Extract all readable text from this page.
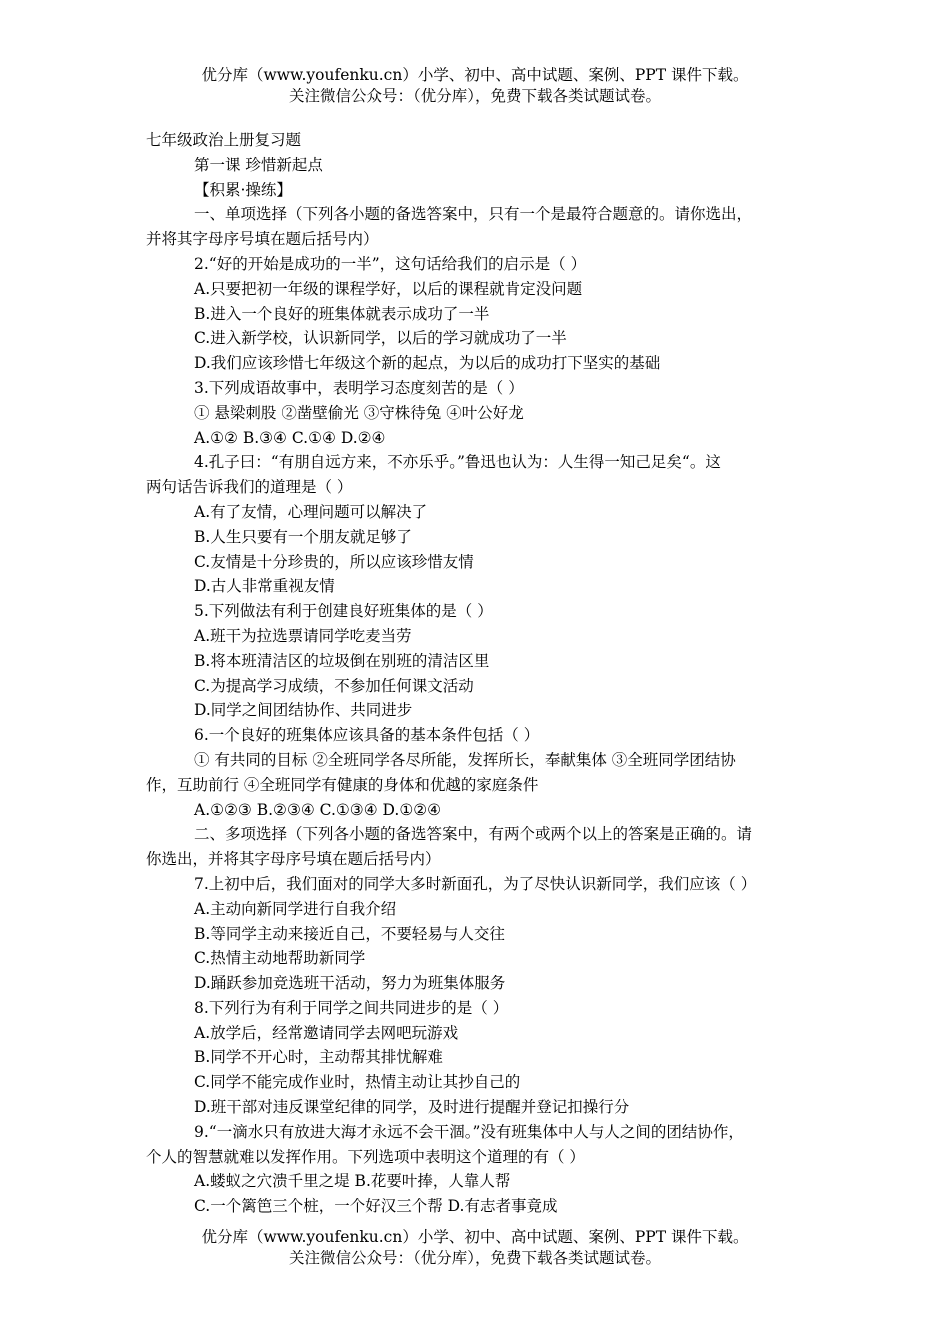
优分库（www.youfenku.cn）小学、初中、高中试题、案例、PPT 课件下载。
关注微信公众号：（优分库），免费下载各类试题试卷。
七年级政治上册复习题
第一课 珍惜新起点
【积累·操练】
一、单项选择（下列各小题的备选答案中，只有一个是最符合题意的。请你选出，
并将其字母序号填在题后括号内）
2.“好的开始是成功的一半”，这句话给我们的启示是（ ）
A.只要把初一年级的课程学好，以后的课程就肯定没问题
B.进入一个良好的班集体就表示成功了一半
C.进入新学校，认识新同学，以后的学习就成功了一半
D.我们应该珍惜七年级这个新的起点，为以后的成功打下坚实的基础
3.下列成语故事中，表明学习态度刻苦的是（ ）
① 悬梁刺股 ②凿壁偷光 ③守株待兔 ④叶公好龙
A.①② B.③④ C.①④ D.②④
4.孔子曰：“有朋自远方来，不亦乐乎。”鲁迅也认为：人生得一知己足矣“。这
两句话告诉我们的道理是（ ）
A.有了友情，心理问题可以解决了
B.人生只要有一个朋友就足够了
C.友情是十分珍贵的，所以应该珍惜友情
D.古人非常重视友情
5.下列做法有利于创建良好班集体的是（ ）
A.班干为拉选票请同学吃麦当劳
B.将本班清洁区的垃圾倒在别班的清洁区里
C.为提高学习成绩，不参加任何课文活动
D.同学之间团结协作、共同进步
6.一个良好的班集体应该具备的基本条件包括（ ）
① 有共同的目标 ②全班同学各尽所能，发挥所长，奉献集体 ③全班同学团结协
作，互助前行 ④全班同学有健康的身体和优越的家庭条件
A.①②③ B.②③④ C.①③④ D.①②④
二、多项选择（下列各小题的备选答案中，有两个或两个以上的答案是正确的。请
你选出，并将其字母序号填在题后括号内）
7.上初中后，我们面对的同学大多时新面孔，为了尽快认识新同学，我们应该（ ）
A.主动向新同学进行自我介绍
B.等同学主动来接近自己，不要轻易与人交往
C.热情主动地帮助新同学
D.踊跃参加竞选班干活动，努力为班集体服务
8.下列行为有利于同学之间共同进步的是（ ）
A.放学后，经常邀请同学去网吧玩游戏
B.同学不开心时，主动帮其排忧解难
C.同学不能完成作业时，热情主动让其抄自己的
D.班干部对违反课堂纪律的同学，及时进行提醒并登记扣操行分
9.“一滴水只有放进大海才永远不会干涸。”没有班集体中人与人之间的团结协作，
个人的智慧就难以发挥作用。下列选项中表明这个道理的有（ ）
A.蝼蚁之穴溃千里之堤 B.花要叶捧，人靠人帮
C.一个篱笆三个桩，一个好汉三个帮 D.有志者事竟成
优分库（www.youfenku.cn）小学、初中、高中试题、案例、PPT 课件下载。
关注微信公众号：（优分库），免费下载各类试题试卷。
